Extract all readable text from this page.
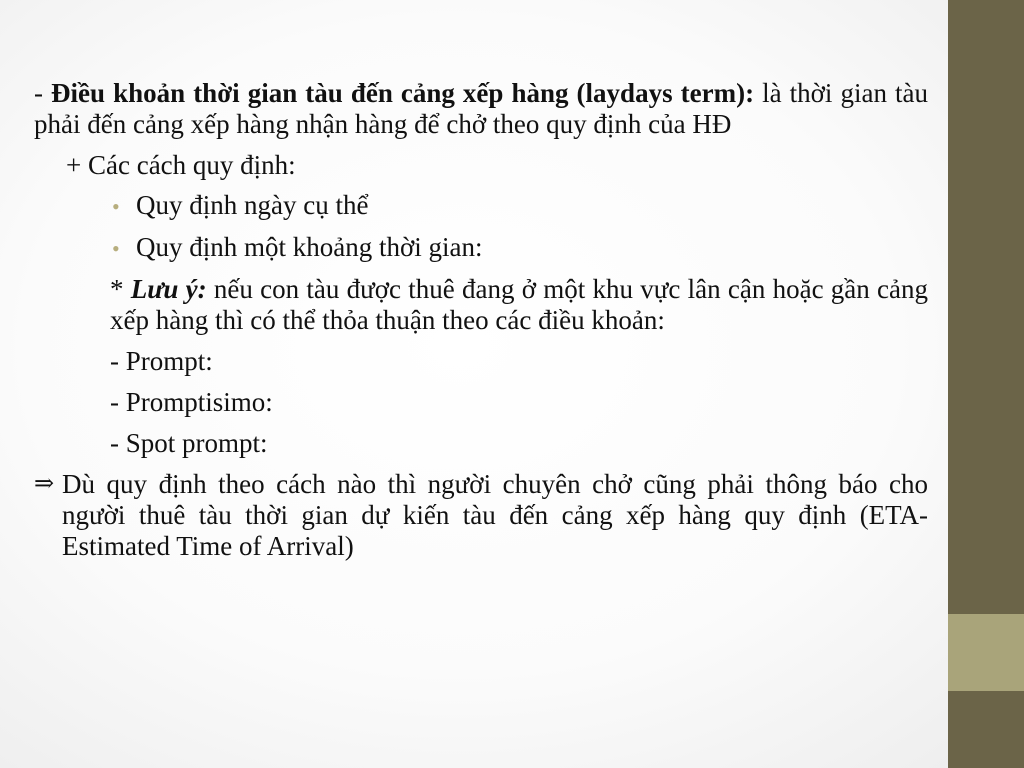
- Điều khoản thời gian tàu đến cảng xếp hàng (laydays term): là thời gian tàu phải đến cảng xếp hàng nhận hàng để chở theo quy định của HĐ

+ Các cách quy định:
• Quy định ngày cụ thể
• Quy định một khoảng thời gian:

* Lưu ý: nếu con tàu được thuê đang ở một khu vực lân cận hoặc gần cảng xếp hàng thì có thể thỏa thuận theo các điều khoản:

- Prompt:
- Promptisimo:
- Spot prompt:

⇒ Dù quy định theo cách nào thì người chuyên chở cũng phải thông báo cho người thuê tàu thời gian dự kiến tàu đến cảng xếp hàng quy định (ETA- Estimated Time of Arrival)
